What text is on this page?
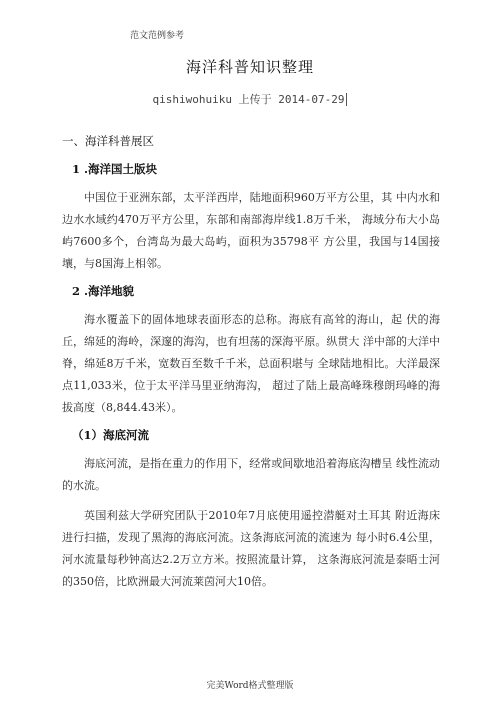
范文范例参考
海洋科普知识整理
qishiwohuiku 上传于 2014-07-29
一、海洋科普展区
1 .海洋国土版块

中国位于亚洲东部，太平洋西岸，陆地面积960万平方公里，其 中内水和边水水域约470万平方公里，东部和南部海岸线1.8万千米， 海域分布大小岛屿7600多个，台湾岛为最大岛屿，面积为35798平 方公里，我国与14国接壤，与8国海上相邻。

2 .海洋地貌

海水覆盖下的固体地球表面形态的总称。海底有高耸的海山，起 伏的海丘，绵延的海岭，深邃的海沟，也有坦荡的深海平原。纵贯大 洋中部的大洋中脊，绵延8万千米，宽数百至数千千米，总面积堪与 全球陆地相比。大洋最深点11,033米，位于太平洋马里亚纳海沟， 超过了陆上最高峰珠穆朗玛峰的海拔高度（8,844.43米）。

（1）海底河流

海底河流，是指在重力的作用下，经常或间歇地沿着海底沟槽呈 线性流动的水流。

英国利兹大学研究团队于2010年7月底使用遥控潜艇对土耳其 附近海床进行扫描，发现了黑海的海底河流。这条海底河流的流速为 每小时6.4公里，河水流量每秒钟高达2.2万立方米。按照流量计算， 这条海底河流是泰晤士河的350倍，比欧洲最大河流莱茵河大10倍。

完美Word格式整理版
